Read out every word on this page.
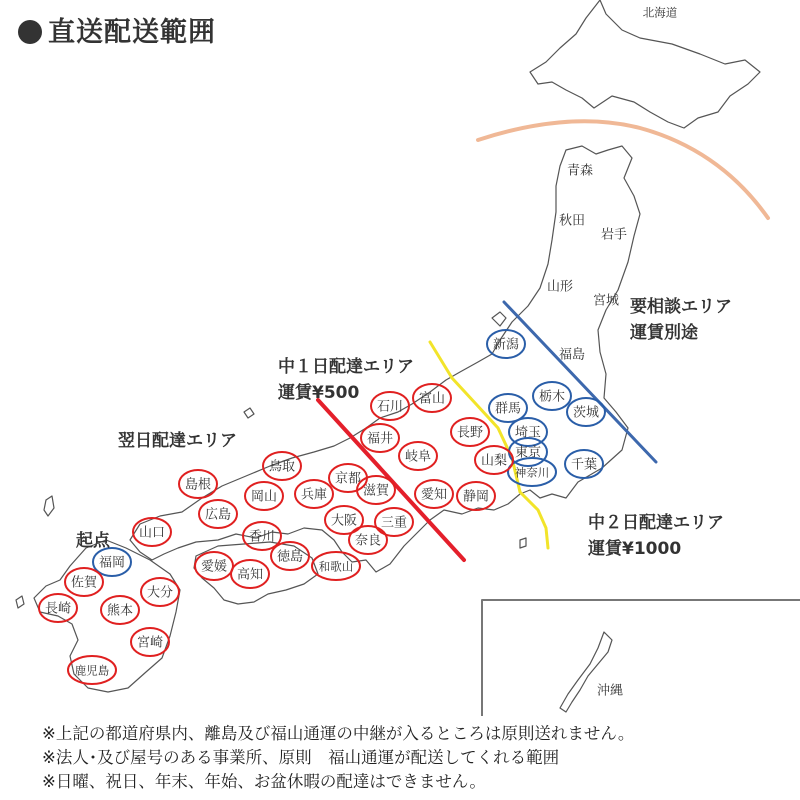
直送配送範囲
北海道
青森
秋田
岩手
山形
宮城
福島
新潟
栃木
群馬	茨城
埼玉
東京
神奈川 千葉
山梨
長野
富山
石川
福井
岐阜
愛知 静岡
三重
滋賀
京都
奈良
大阪
和歌山
兵庫
鳥取
島根
岡山
広島
山口	香川
徳島
愛媛
高知
福岡
佐賀
長崎	熊本
大分
宮崎
鹿児島
沖縄
要相談エリア
運賃別途
中１日配達エリア
運賃¥500
翌日配達エリア
中２日配達エリア
運賃¥1000
起点
※上記の都道府県内、離島及び福山通運の中継が入るところは原則送れません。
※法人･及び屋号のある事業所、原則　福山通運が配送してくれる範囲
※日曜、祝日、年末、年始、お盆休暇の配達はできません。
